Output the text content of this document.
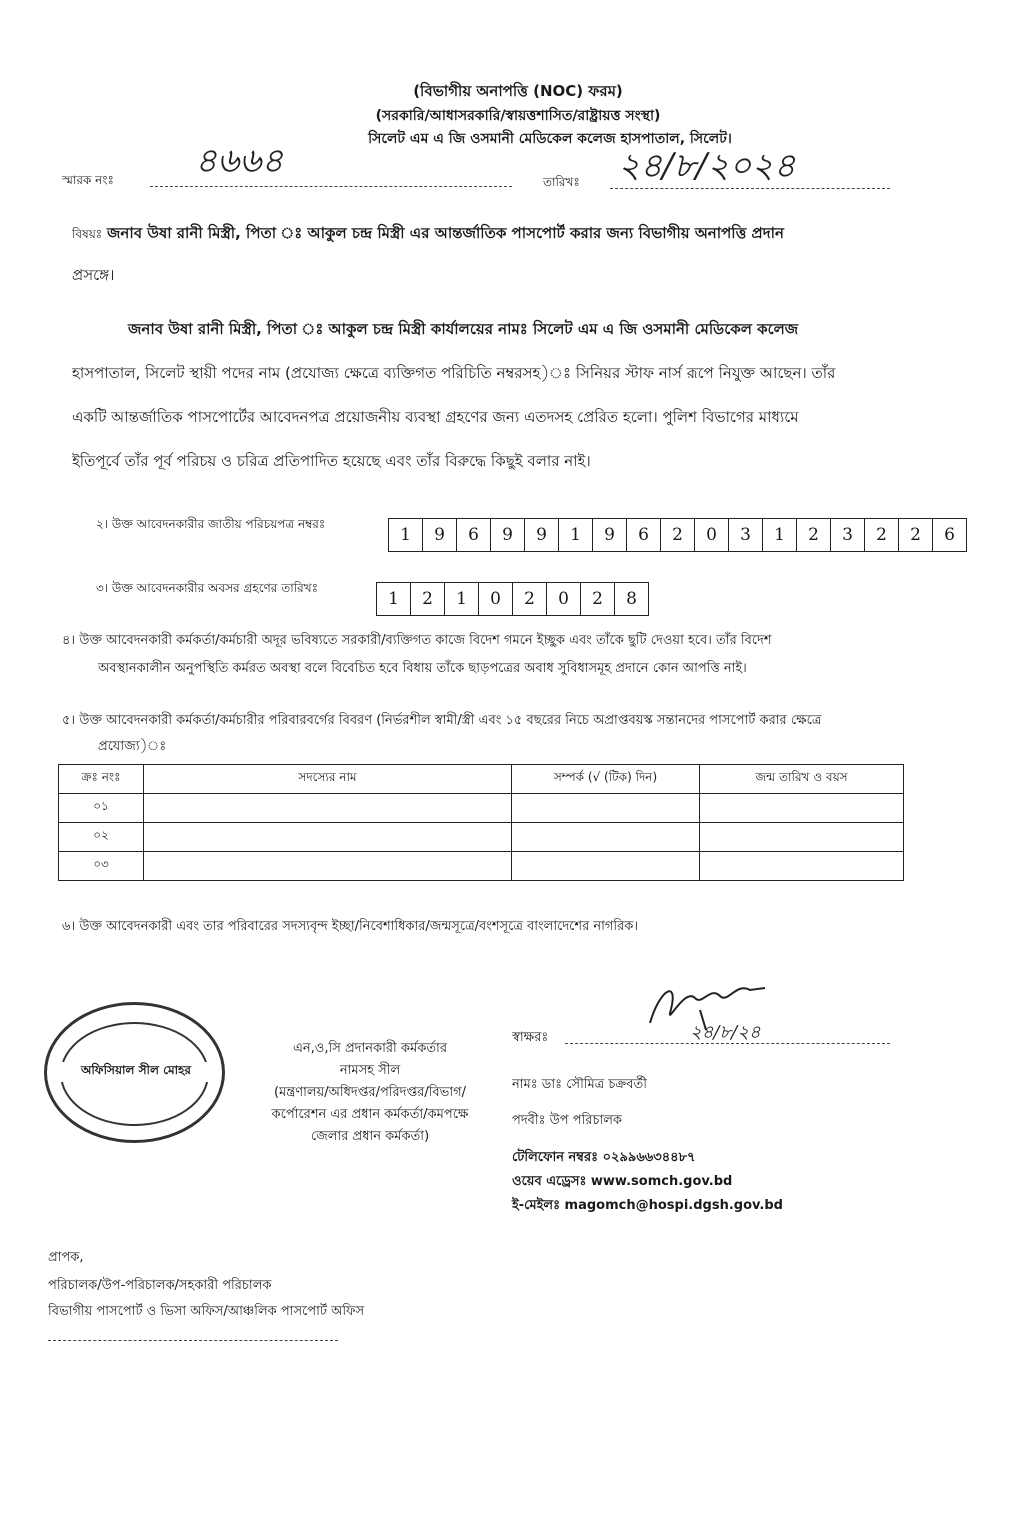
(বিভাগীয় অনাপত্তি (NOC) ফরম)
(সরকারি/আধাসরকারি/স্বায়ত্তশাসিত/রাষ্ট্রায়ত্ত সংস্থা)
সিলেট এম এ জি ওসমানী মেডিকেল কলেজ হাসপাতাল, সিলেট।
স্মারক নংঃ ৪৬৬৪
তারিখঃ ২৪/৮/২০২৪
বিষয়ঃ জনাব উষা রানী মিস্ত্রী, পিতা ঃ আকুল চন্দ্র মিস্ত্রী এর আন্তর্জাতিক পাসপোর্ট করার জন্য বিভাগীয় অনাপত্তি প্রদান
প্রসঙ্গে।
জনাব উষা রানী মিস্ত্রী, পিতা ঃ আকুল চন্দ্র মিস্ত্রী কার্যালয়ের নামঃ সিলেট এম এ জি ওসমানী মেডিকেল কলেজ
হাসপাতাল, সিলেট স্থায়ী পদের নাম (প্রযোজ্য ক্ষেত্রে ব্যক্তিগত পরিচিতি নম্বরসহ)ঃ সিনিয়র স্টাফ নার্স রূপে নিযুক্ত আছেন। তাঁর
একটি আন্তর্জাতিক পাসপোর্টের আবেদনপত্র প্রয়োজনীয় ব্যবস্থা গ্রহণের জন্য এতদসহ প্রেরিত হলো। পুলিশ বিভাগের মাধ্যমে
ইতিপূর্বে তাঁর পূর্ব পরিচয় ও চরিত্র প্রতিপাদিত হয়েছে এবং তাঁর বিরুদ্ধে কিছুই বলার নাই।
২। উক্ত আবেদনকারীর জাতীয় পরিচয়পত্র নম্বরঃ
1	9	6	9	9	1	9	6	2	0	3	1	2	3	2	2	6
৩। উক্ত আবেদনকারীর অবসর গ্রহণের তারিখঃ
1	2	1	0	2	0	2	8
৪। উক্ত আবেদনকারী কর্মকর্তা/কর্মচারী অদূর ভবিষ্যতে সরকারী/ব্যক্তিগত কাজে বিদেশ গমনে ইচ্ছুক এবং তাঁকে ছুটি দেওয়া হবে। তাঁর বিদেশ
অবস্থানকালীন অনুপস্থিতি কর্মরত অবস্থা বলে বিবেচিত হবে বিধায় তাঁকে ছাড়পত্রের অবাধ সুবিধাসমূহ প্রদানে কোন আপত্তি নাই।
৫। উক্ত আবেদনকারী কর্মকর্তা/কর্মচারীর পরিবারবর্গের বিবরণ (নির্ভরশীল স্বামী/স্ত্রী এবং ১৫ বছরের নিচে অপ্রাপ্তবয়স্ক সন্তানদের পাসপোর্ট করার ক্ষেত্রে
প্রযোজ্য)ঃ
ক্রঃ নংঃ	সদস্যের নাম	সম্পর্ক (√ (টিক) দিন)	জন্ম তারিখ ও বয়স
০১			
০২			
০৩			
৬। উক্ত আবেদনকারী এবং তার পরিবারের সদস্যবৃন্দ ইচ্ছা/নিবেশাধিকার/জন্মসূত্রে/বংশসূত্রে বাংলাদেশের নাগরিক।
অফিসিয়াল সীল মোহর
এন,ও,সি প্রদানকারী কর্মকর্তার
নামসহ সীল
(মন্ত্রণালয়/অধিদপ্তর/পরিদপ্তর/বিভাগ/
কর্পোরেশন এর প্রধান কর্মকর্তা/কমপক্ষে
জেলার প্রধান কর্মকর্তা)
২৪/৮/২৪
স্বাক্ষরঃ
নামঃ ডাঃ সৌমিত্র চক্রবর্তী
পদবীঃ উপ পরিচালক
টেলিফোন নম্বরঃ ০২৯৯৬৬৩৪৪৮৭
ওয়েব এড্রেসঃ www.somch.gov.bd
ই-মেইলঃ magomch@hospi.dgsh.gov.bd
প্রাপক,
পরিচালক/উপ-পরিচালক/সহকারী পরিচালক
বিভাগীয় পাসপোর্ট ও ভিসা অফিস/আঞ্চলিক পাসপোর্ট অফিস
